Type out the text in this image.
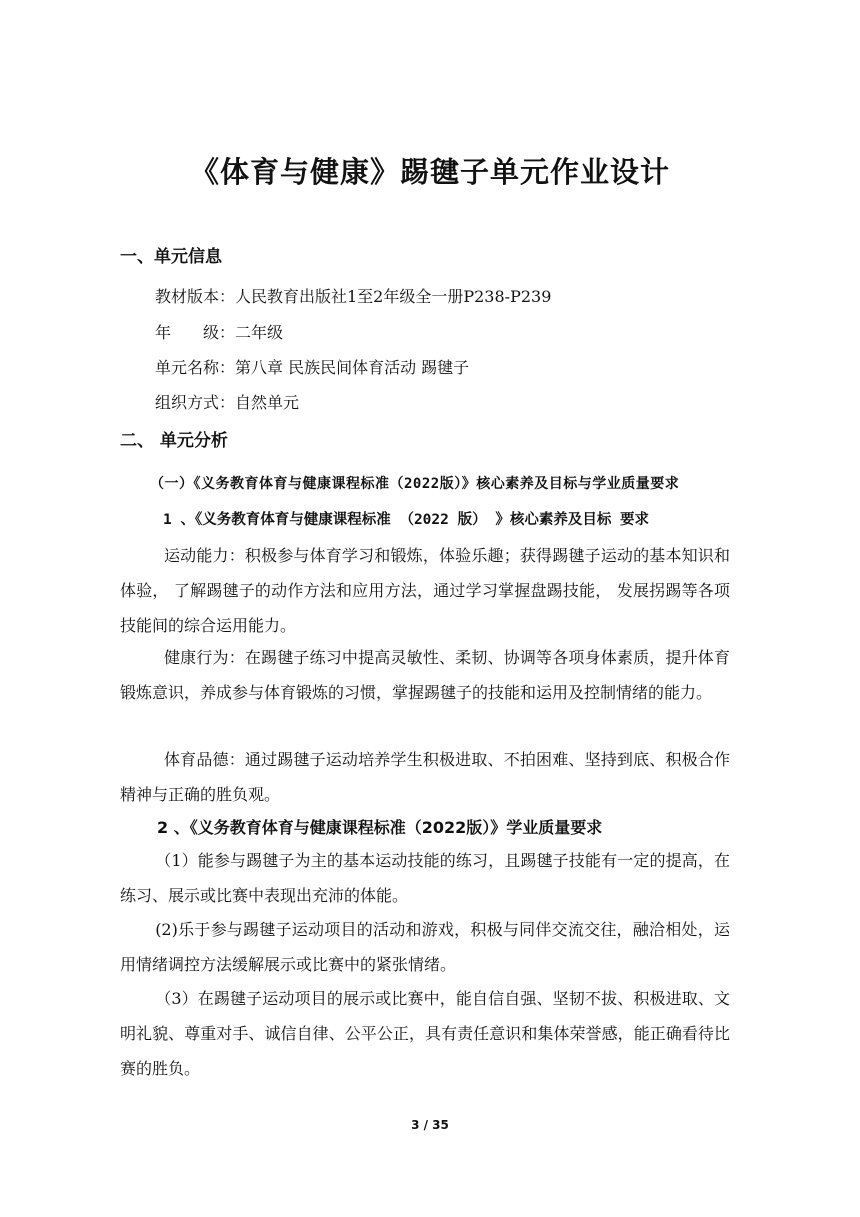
《体育与健康》踢毽子单元作业设计
一、单元信息
教材版本：人民教育出版社1至2年级全一册P238-P239
年　　级：二年级
单元名称：第八章 民族民间体育活动 踢毽子
组织方式：自然单元
二、 单元分析
（一）《义务教育体育与健康课程标准（2022版）》核心素养及目标与学业质量要求
1 、《义务教育体育与健康课程标准 （2022 版） 》核心素养及目标 要求
运动能力：积极参与体育学习和锻炼，体验乐趣；获得踢毽子运动的基本知识和体验， 了解踢毽子的动作方法和应用方法，通过学习掌握盘踢技能， 发展拐踢等各项技能间的综合运用能力。
健康行为：在踢毽子练习中提高灵敏性、柔韧、协调等各项身体素质，提升体育锻炼意识，养成参与体育锻炼的习惯，掌握踢毽子的技能和运用及控制情绪的能力。
体育品德：通过踢毽子运动培养学生积极进取、不拍困难、坚持到底、积极合作精神与正确的胜负观。
2 、《义务教育体育与健康课程标准（2022版）》学业质量要求
（1）能参与踢毽子为主的基本运动技能的练习，且踢毽子技能有一定的提高，在练习、展示或比赛中表现出充沛的体能。
(2)乐于参与踢毽子运动项目的活动和游戏，积极与同伴交流交往，融洽相处，运用情绪调控方法缓解展示或比赛中的紧张情绪。
（3）在踢毽子运动项目的展示或比赛中，能自信自强、坚韧不拔、积极进取、文明礼貌、尊重对手、诚信自律、公平公正，具有责任意识和集体荣誉感，能正确看待比赛的胜负。
3 / 35
